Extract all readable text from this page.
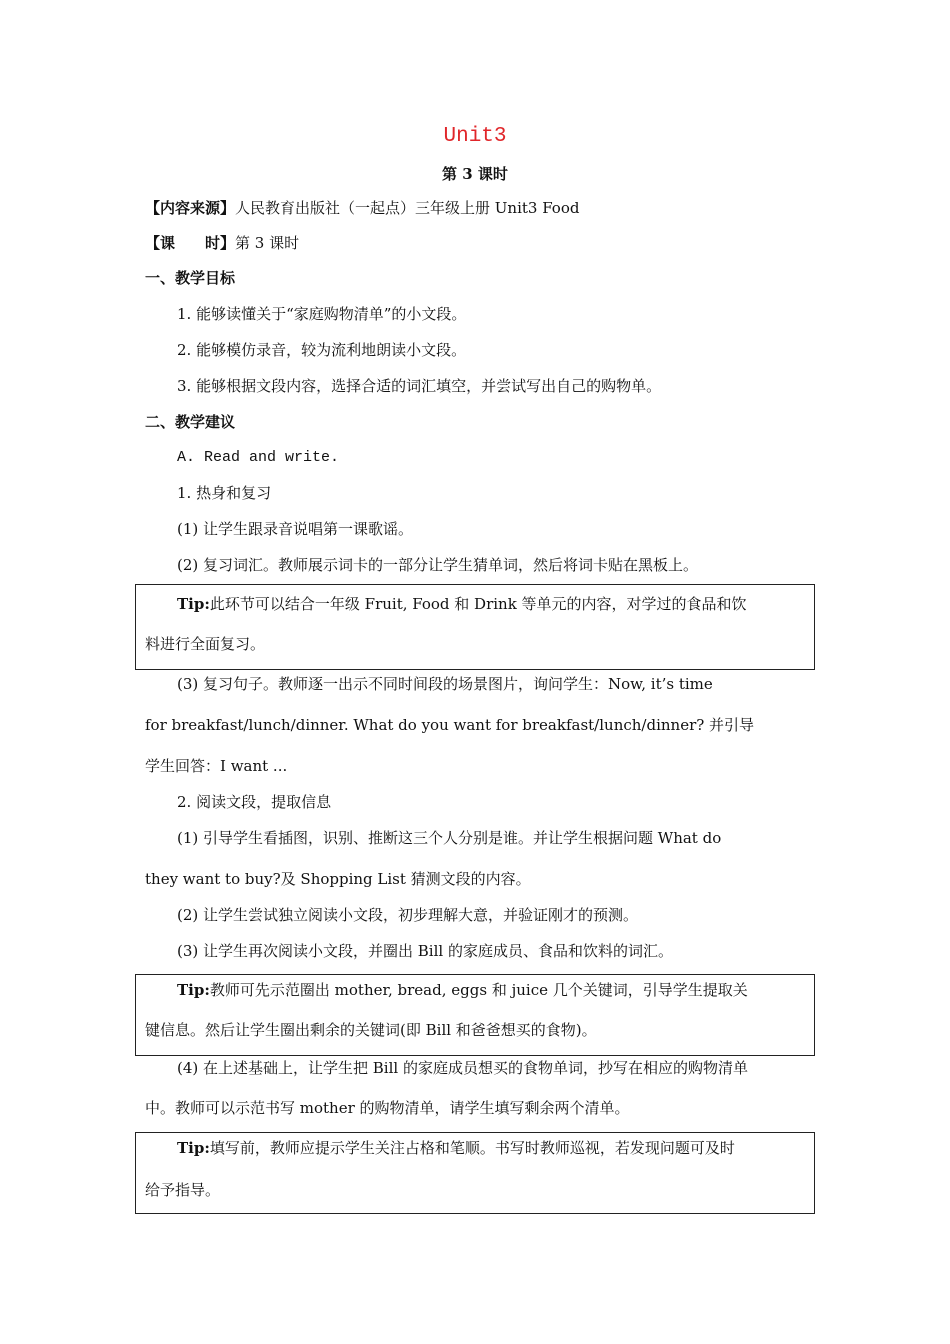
Unit3
第 3 课时
【内容来源】人民教育出版社（一起点）三年级上册 Unit3 Food
【课　　时】第 3 课时
一、教学目标
1. 能够读懂关于“家庭购物清单”的小文段。
2. 能够模仿录音，较为流利地朗读小文段。
3. 能够根据文段内容，选择合适的词汇填空，并尝试写出自己的购物单。
二、教学建议
A. Read and write.
1. 热身和复习
(1) 让学生跟录音说唱第一课歌谣。
(2) 复习词汇。教师展示词卡的一部分让学生猜单词，然后将词卡贴在黑板上。
Tip:此环节可以结合一年级 Fruit, Food 和 Drink 等单元的内容，对学过的食品和饮
料进行全面复习。
(3) 复习句子。教师逐一出示不同时间段的场景图片，询问学生：Now, it’s time
for breakfast/lunch/dinner. What do you want for breakfast/lunch/dinner? 并引导
学生回答：I want ...
2. 阅读文段，提取信息
(1) 引导学生看插图，识别、推断这三个人分别是谁。并让学生根据问题 What do
they want to buy?及 Shopping List 猜测文段的内容。
(2) 让学生尝试独立阅读小文段，初步理解大意，并验证刚才的预测。
(3) 让学生再次阅读小文段，并圈出 Bill 的家庭成员、食品和饮料的词汇。
Tip:教师可先示范圈出 mother, bread, eggs 和 juice 几个关键词，引导学生提取关
键信息。然后让学生圈出剩余的关键词(即 Bill 和爸爸想买的食物)。
(4) 在上述基础上，让学生把 Bill 的家庭成员想买的食物单词，抄写在相应的购物清单
中。教师可以示范书写 mother 的购物清单，请学生填写剩余两个清单。
Tip:填写前，教师应提示学生关注占格和笔顺。书写时教师巡视，若发现问题可及时
给予指导。
